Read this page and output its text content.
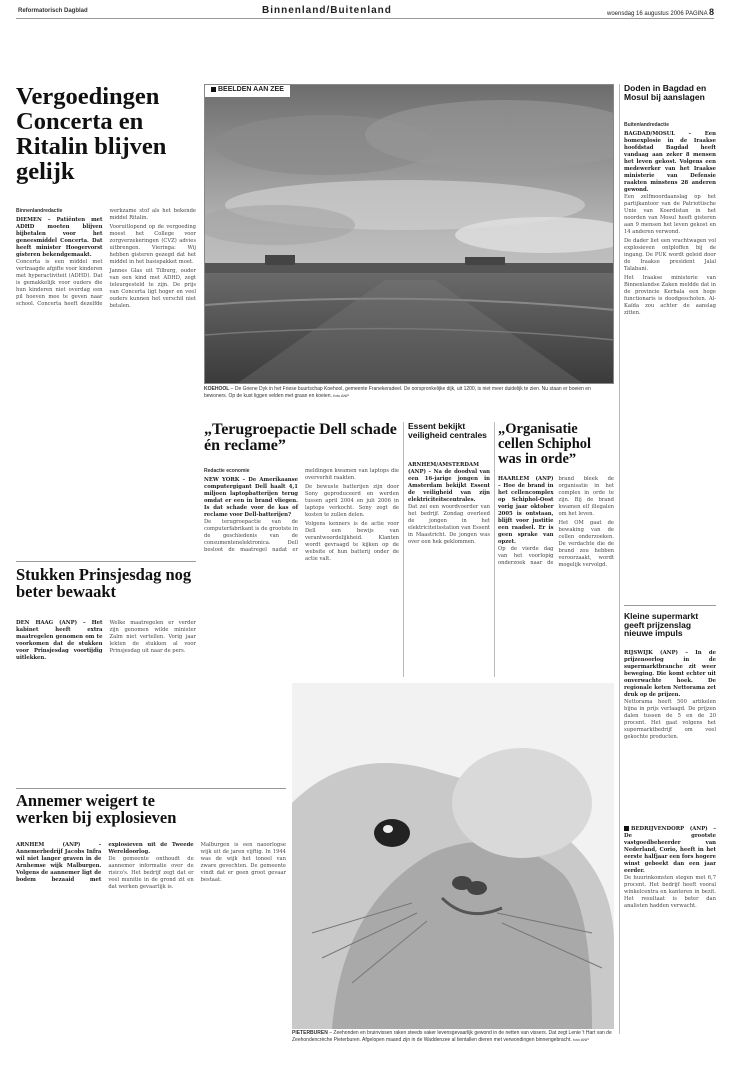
Reformatorisch Dagblad	Binnenland/Buitenland	woensdag 16 augustus 2006 PAGINA 8
Vergoedingen Concerta en Ritalin blijven gelijk
Binnenlandredactie
DIEMEN – Patiënten met ADHD moeten blijven bijbetalen voor het geneesmiddel Concerta. Dat heeft minister Hoogervorst gisteren bekendgemaakt.

Concerta is een middel met vertraagde afgifte voor kinderen met hyperactiviteit (ADHD). Dat is gemakkelijk voor ouders die hun kinderen niet overdag een pil hoeven mee te geven naar school. Concerta heeft dezelfde werkzame stof als het bekende middel Ritalin.

Vooruitlopend op de vergoeding moest het College voor zorgverzekeringen (CVZ) advies uitbrengen. Vieringa: Wij hebben gisteren gezegd dat het middel in het basispakket moet.

Jannes Glas uit Tilburg, ouder van een kind met ADHD, zegt teleurgesteld te zijn. De prijs van Concerta ligt hoger en veel ouders kunnen het verschil niet betalen.

Stukken Prinsjesdag nog beter bewaakt
DEN HAAG (ANP) – Het kabinet heeft extra maatregelen genomen om te voorkomen dat de stukken voor Prinsjesdag voortijdig uitlekken.

Welke maatregelen er verder zijn genomen wilde minister Zalm niet vertellen. Vorig jaar lekten de stukken al voor Prinsjesdag uit naar de pers.

Annemer weigert te werken bij explosieven
ARNHEM (ANP) – Annemerbedrijf Jacobs Infra wil niet langer graven in de Arnhemse wijk Malburgen. Volgens de aannemer ligt de bodem bezaaid met explosieven uit de Tweede Wereldoorlog.

De gemeente onthoudt de aannemer informatie over de risico's. Het bedrijf zegt dat er veel munitie in de grond zit en dat werken gevaarlijk is.

Malburgen is een naoorlogse wijk uit de jaren vijftig. In 1944 was de wijk het toneel van zware gevechten. De gemeente vindt dat er geen groot gevaar bestaat.

BEELDEN AAN ZEE
KOEHOOL – De Griene Dyk in het Friese buurtschap Koehool, gemeente Franekeradeel. De oorspronkelijke dijk, uit 1200, is niet meer duidelijk te zien. Nu staan er boeien en bewoners. Op de kust liggen velden met graan en koeien. foto ANP
„Terugroepactie Dell schade én reclame”
Redactie economie
NEW YORK – De Amerikaanse computergigant Dell haalt 4,1 miljoen laptopbatterijen terug omdat er een in brand vliegen. Is dat schade voor de kas of reclame voor Dell-batterijen?

De terugroepactie van de computerfabrikant is de grootste in de geschiedenis van de consumentenelektronica. Dell besloot de maatregel nadat er meldingen kwamen van laptops die oververhit raakten.

De bewuste batterijen zijn door Sony geproduceerd en werden tussen april 2004 en juli 2006 in laptops verkocht. Sony zegt de kosten te zullen delen.

Volgens kenners is de actie voor Dell een bewijs van verantwoordelijkheid. Klanten wordt gevraagd te kijken op de website of hun batterij onder de actie valt.

Essent bekijkt veiligheid centrales
ARNHEM/AMSTERDAM (ANP) – Na de doodval van een 16-jarige jongen in Amsterdam bekijkt Essent de veiligheid van zijn elektriciteitscentrales.

Dat zei een woordvoerder van het bedrijf. Zondag overleed de jongen in het elektriciteitsstation van Essent in Maastricht. De jongen was over een hek geklommen.

„Organisatie cellen Schiphol was in orde”
HAARLEM (ANP) – Hoe de brand in het cellencomplex op Schiphol-Oost vorig jaar oktober 2005 is ontstaan, blijft voor justitie een raadsel. Er is geen sprake van opzet.

Op de vierde dag van het voorlopig onderzoek naar de brand bleek de organisatie in het complex in orde te zijn. Bij de brand kwamen elf illegalen om het leven.

Het OM gaat de bewaking van de cellen onderzoeken. De verdachte die de brand zou hebben veroorzaakt, wordt mogelijk vervolgd.

PIETERBUREN – Zeehonden en bruinvissen raken steeds vaker levensgevaarlijk gewond in de netten van vissers. Dat zegt Lenie 't Hart van de Zeehondencrèche Pieterburen. Afgelopen maand zijn in de Waddenzee al tientallen dieren met verwondingen binnengebracht. foto ANP
Doden in Bagdad en Mosul bij aanslagen
Buitenlandredactie
BAGDAD/MOSUL – Een bomexplosie in de Iraakse hoofdstad Bagdad heeft vandaag aan zeker 8 mensen het leven gekost. Volgens een medewerker van het Iraakse ministerie van Defensie raakten minstens 28 anderen gewond.

Een zelfmoordaanslag op het partijkantoor van de Patriottische Unie van Koerdistan in het noorden van Mosul heeft gisteren aan 9 mensen het leven gekost en 14 anderen verwond.

De dader liet een vrachtwagen vol explosieven ontploffen bij de ingang. De PUK wordt geleid door de Iraakse president Jalal Talabani.

Het Iraakse ministerie van Binnenlandse Zaken meldde dat in de provincie Kerbala een hoge functionaris is doodgeschoten. Al-Kaïda zou achter de aanslag zitten.

Kleine supermarkt geeft prijzenslag nieuwe impuls
RIJSWIJK (ANP) – In de prijzenoorlog in de supermarktbranche zit weer beweging. Die komt echter uit onverwachte hoek. De regionale keten Nettorama zet druk op de prijzen.

Nettorama heeft 500 artikelen bijna in prijs verlaagd. De prijzen dalen tussen de 5 en de 20 procent. Het gaat volgens het supermarktbedrijf om veel gekochte producten.

BEDRIJVENDORP (ANP) – De grootste vastgoedbeheerder van Nederland, Corio, heeft in het eerste halfjaar een fors hogere winst geboekt dan een jaar eerder.

De huurinkomsten stegen met 6,7 procent. Het bedrijf heeft vooral winkelcentra en kantoren in bezit. Het resultaat is beter dan analisten hadden verwacht.
